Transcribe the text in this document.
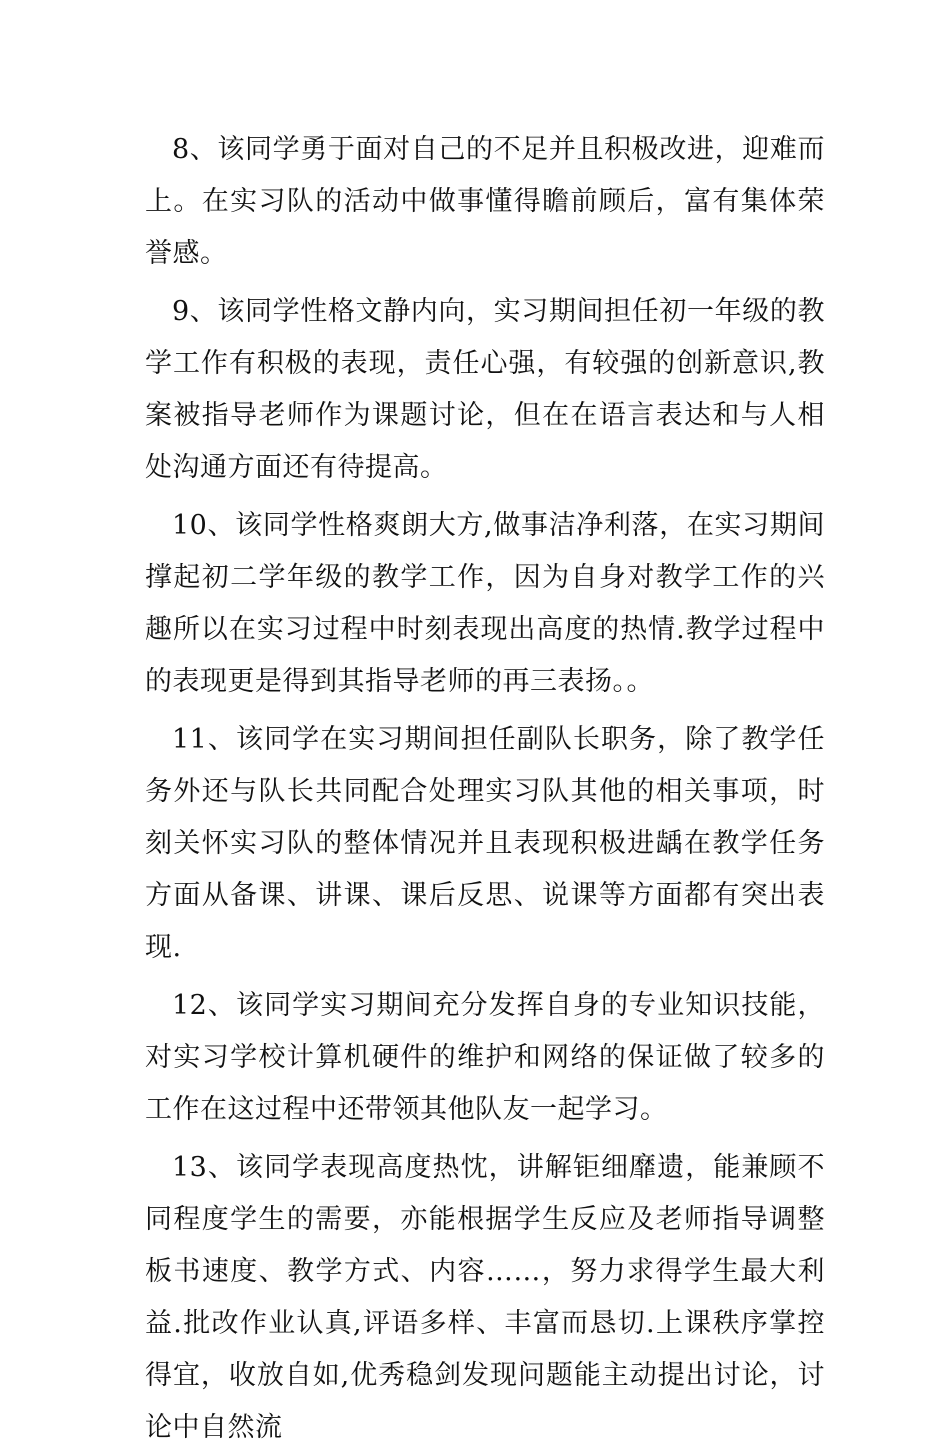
8、该同学勇于面对自己的不足并且积极改进，迎难而上。在实习队的活动中做事懂得瞻前顾后，富有集体荣誉感。

9、该同学性格文静内向，实习期间担任初一年级的教学工作有积极的表现，责任心强，有较强的创新意识,教案被指导老师作为课题讨论，但在在语言表达和与人相处沟通方面还有待提高。

10、该同学性格爽朗大方,做事洁净利落，在实习期间撑起初二学年级的教学工作，因为自身对教学工作的兴趣所以在实习过程中时刻表现出高度的热情.教学过程中的表现更是得到其指导老师的再三表扬。。

11、该同学在实习期间担任副队长职务，除了教学任务外还与队长共同配合处理实习队其他的相关事项，时刻关怀实习队的整体情况并且表现积极进龋在教学任务方面从备课、讲课、课后反思、说课等方面都有突出表现.

12、该同学实习期间充分发挥自身的专业知识技能，对实习学校计算机硬件的维护和网络的保证做了较多的工作在这过程中还带领其他队友一起学习。

13、该同学表现高度热忱，讲解钜细靡遗，能兼顾不同程度学生的需要，亦能根据学生反应及老师指导调整板书速度、教学方式、内容……，努力求得学生最大利益.批改作业认真,评语多样、丰富而恳切.上课秩序掌控得宜，收放自如,优秀稳剑发现问题能主动提出讨论，讨论中自然流
